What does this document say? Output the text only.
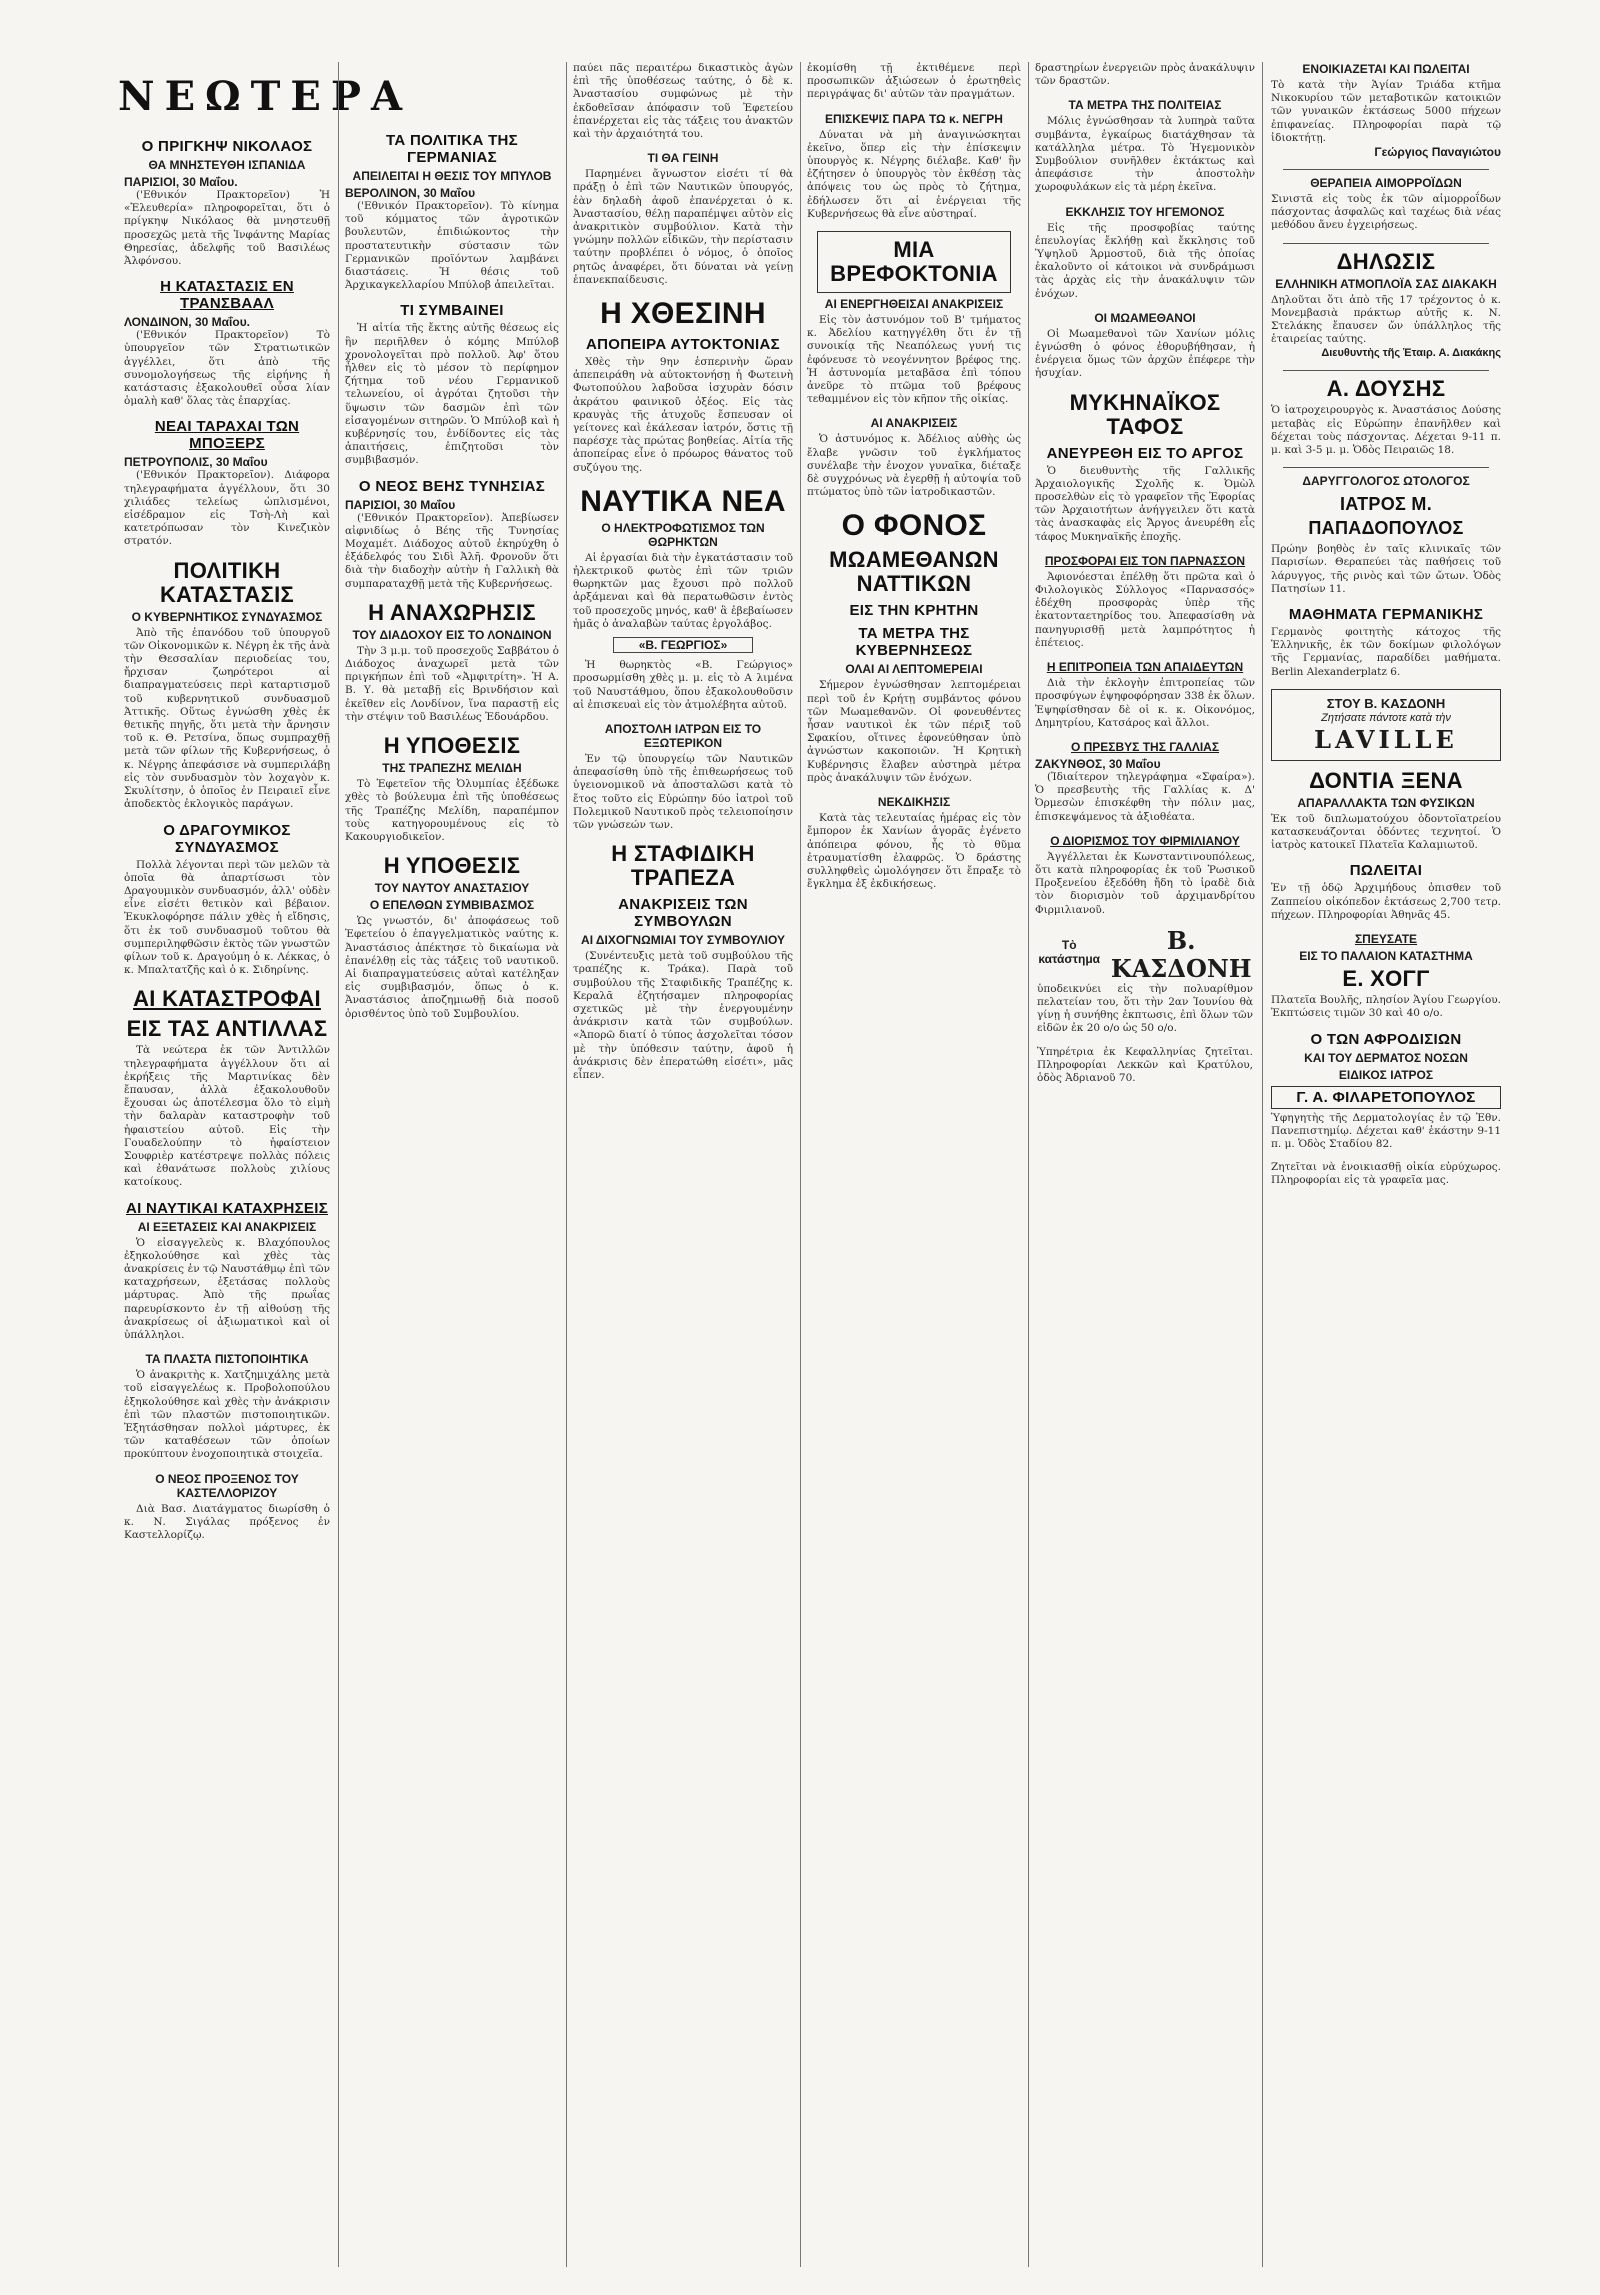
ΝΕΩΤΕΡΑ
Ο ΠΡΙΓΚΗΨ ΝΙΚΟΛΑΟΣ
ΘΑ ΜΝΗΣΤΕΥΘΗ ΙΣΠΑΝΙΔΑ
ΠΑΡΙΣΙΟΙ, 30 Μαΐου.

('Εθνικόν Πρακτορεῖον) Ἡ «Ἐλευθερία» πληροφορεῖται, ὅτι ὁ πρίγκηψ Νικόλαος θὰ μνηστευθῇ προσεχῶς μετὰ τῆς Ἰνφάντης Μαρίας Θηρεσίας, ἀδελφῆς τοῦ Βασιλέως Ἀλφόνσου.

Η ΚΑΤΑΣΤΑΣΙΣ ΕΝ ΤΡΑΝΣΒΑΑΛ
ΛΟΝΔΙΝΟΝ, 30 Μαΐου.

('Εθνικόν Πρακτορεῖον) Τὸ ὑπουργεῖον τῶν Στρατιωτικῶν ἀγγέλλει, ὅτι ἀπὸ τῆς συνομολογήσεως τῆς εἰρήνης ἡ κατάστασις ἐξακολουθεῖ οὖσα λίαν ὁμαλὴ καθ' ὅλας τὰς ἐπαρχίας.

ΝΕΑΙ ΤΑΡΑΧΑΙ ΤΩΝ ΜΠΟΞΕΡΣ
ΠΕΤΡΟΥΠΟΛΙΣ, 30 Μαΐου

('Εθνικόν Πρακτορεῖον). Διάφορα τηλεγραφήματα ἀγγέλλουν, ὅτι 30 χιλιάδες τελείως ὡπλισμένοι, εἰσέδραμον εἰς Τσὴ-Λὴ καὶ κατετρόπωσαν τὸν Κινεζικὸν στρατόν.

ΠΟΛΙΤΙΚΗ ΚΑΤΑΣΤΑΣΙΣ
Ο ΚΥΒΕΡΝΗΤΙΚΟΣ ΣΥΝΔΥΑΣΜΟΣ

Ἀπὸ τῆς ἐπανόδου τοῦ ὑπουργοῦ τῶν Οἰκονομικῶν κ. Νέγρη ἐκ τῆς ἀνὰ τὴν Θεσσαλίαν περιοδείας του, ἤρχισαν ζωηρότεροι αἱ διαπραγματεύσεις περὶ καταρτισμοῦ τοῦ κυβερνητικοῦ συνδυασμοῦ Ἀττικῆς. Οὕτως ἐγνώσθη χθὲς ἐκ θετικῆς πηγῆς, ὅτι μετὰ τὴν ἄρνησιν τοῦ κ. Θ. Ρετσίνα, ὅπως συμπραχθῇ μετὰ τῶν φίλων τῆς Κυβερνήσεως, ὁ κ. Νέγρης ἀπεφάσισε νὰ συμπεριλάβῃ εἰς τὸν συνδυασμὸν τὸν λοχαγὸν κ. Σκυλίτσην, ὁ ὁποῖος ἐν Πειραιεῖ εἶνε ἀποδεκτὸς ἐκλογικὸς παράγων.

Ο ΔΡΑΓΟΥΜΙΚΟΣ ΣΥΝΔΥΑΣΜΟΣ

Πολλὰ λέγονται περὶ τῶν μελῶν τὰ ὁποῖα θὰ ἀπαρτίσωσι τὸν Δραγουμικὸν συνδυασμόν, ἀλλ' οὐδὲν εἶνε εἰσέτι θετικὸν καὶ βέβαιον. Ἐκυκλοφόρησε πάλιν χθὲς ἡ εἴδησις, ὅτι ἐκ τοῦ συνδυασμοῦ τοῦτου θὰ συμπεριληφθῶσιν ἐκτὸς τῶν γνωστῶν φίλων τοῦ κ. Δραγούμη ὁ κ. Λέκκας, ὁ κ. Μπαλτατζῆς καὶ ὁ κ. Σιδηρίνης.

ΑΙ ΚΑΤΑΣΤΡΟΦΑΙ
ΕΙΣ ΤΑΣ ΑΝΤΙΛΛΑΣ

Τὰ νεώτερα ἐκ τῶν Ἀντιλλῶν τηλεγραφήματα ἀγγέλλουν ὅτι αἱ ἐκρήξεις τῆς Μαρτινίκας δὲν ἔπαυσαν, ἀλλὰ ἐξακολουθοῦν ἔχουσαι ὡς ἀποτέλεσμα ὅλο τὸ εἰμὴ τὴν δαλαρὰν καταστροφὴν τοῦ ἡφαιστείου αὐτοῦ. Εἰς τὴν Γουαδελούπην τὸ ἡφαίστειον Σουφριὲρ κατέστρεψε πολλὰς πόλεις καὶ ἐθανάτωσε πολλοὺς χιλίους κατοίκους.

ΑΙ ΝΑΥΤΙΚΑΙ ΚΑΤΑΧΡΗΣΕΙΣ
ΑΙ ΕΞΕΤΑΣΕΙΣ ΚΑΙ ΑΝΑΚΡΙΣΕΙΣ

Ὁ εἰσαγγελεὺς κ. Βλαχόπουλος ἐξηκολούθησε καὶ χθὲς τὰς ἀνακρίσεις ἐν τῷ Ναυστάθμῳ ἐπὶ τῶν καταχρήσεων, ἐξετάσας πολλοὺς μάρτυρας. Ἀπὸ τῆς πρωΐας παρευρίσκοντο ἐν τῇ αἰθούσῃ τῆς ἀνακρίσεως οἱ ἀξιωματικοὶ καὶ οἱ ὑπάλληλοι.

ΤΑ ΠΛΑΣΤΑ ΠΙΣΤΟΠΟΙΗΤΙΚΑ

Ὁ ἀνακριτὴς κ. Χατζημιχάλης μετὰ τοῦ εἰσαγγελέως κ. Προβολοπούλου ἐξηκολούθησε καὶ χθὲς τὴν ἀνάκρισιν ἐπὶ τῶν πλαστῶν πιστοποιητικῶν. Ἐξητάσθησαν πολλοὶ μάρτυρες, ἐκ τῶν καταθέσεων τῶν ὁποίων προκύπτουν ἐνοχοποιητικὰ στοιχεῖα.

Ο ΝΕΟΣ ΠΡΟΞΕΝΟΣ ΤΟΥ ΚΑΣΤΕΛΛΟΡΙΖΟΥ

Διὰ Βασ. Διατάγματος διωρίσθη ὁ κ. Ν. Σιγάλας πρόξενος ἐν Καστελλορίζῳ.

ΤΑ ΠΟΛΙΤΙΚΑ ΤΗΣ ΓΕΡΜΑΝΙΑΣ
ΑΠΕΙΛΕΙΤΑΙ Η ΘΕΣΙΣ ΤΟΥ ΜΠΥΛΟΒ
ΒΕΡΟΛΙΝΟΝ, 30 Μαΐου

('Εθνικόν Πρακτορεῖον). Τὸ κίνημα τοῦ κόμματος τῶν ἀγροτικῶν βουλευτῶν, ἐπιδιώκοντος τὴν προστατευτικὴν σύστασιν τῶν Γερμανικῶν προϊόντων λαμβάνει διαστάσεις. Ἡ θέσις τοῦ Ἀρχικαγκελλαρίου Μπύλοβ ἀπειλεῖται.

ΤΙ ΣΥΜΒΑΙΝΕΙ

Ἡ αἰτία τῆς ἔκτης αὐτῆς θέσεως εἰς ἣν περιῆλθεν ὁ κόμης Μπύλοβ χρονολογεῖται πρὸ πολλοῦ. Ἀφ' ὅτου ἦλθεν εἰς τὸ μέσον τὸ περίφημον ζήτημα τοῦ νέου Γερμανικοῦ τελωνείου, οἱ ἀγρόται ζητοῦσι τὴν ὕψωσιν τῶν δασμῶν ἐπὶ τῶν εἰσαγομένων σιτηρῶν. Ὁ Μπύλοβ καὶ ἡ κυβέρνησίς του, ἐνδίδοντες εἰς τὰς ἀπαιτήσεις, ἐπιζητοῦσι τὸν συμβιβασμόν.

Ο ΝΕΟΣ ΒΕΗΣ ΤΥΝΗΣΙΑΣ
ΠΑΡΙΣΙΟΙ, 30 Μαΐου

('Εθνικόν Πρακτορεῖον). Ἀπεβίωσεν αἰφνιδίως ὁ Βέης τῆς Τυνησίας Μοχαμέτ. Διάδοχος αὐτοῦ ἐκηρύχθη ὁ ἐξάδελφός του Σιδὶ Ἀλῆ. Φρονοῦν ὅτι διὰ τὴν διαδοχὴν αὐτὴν ἡ Γαλλικὴ θὰ συμπαραταχθῇ μετὰ τῆς Κυβερνήσεως.

Η ΑΝΑΧΩΡΗΣΙΣ
ΤΟΥ ΔΙΑΔΟΧΟΥ ΕΙΣ ΤΟ ΛΟΝΔΙΝΟΝ

Τὴν 3 μ.μ. τοῦ προσεχοῦς Σαββάτου ὁ Διάδοχος ἀναχωρεῖ μετὰ τῶν πριγκήπων ἐπὶ τοῦ «Ἀμφιτρίτη». Ἡ Α. Β. Υ. θὰ μεταβῇ εἰς Βρινδήσιον καὶ ἐκεῖθεν εἰς Λονδίνον, ἵνα παραστῇ εἰς τὴν στέψιν τοῦ Βασιλέως Ἐδουάρδου.

Η ΥΠΟΘΕΣΙΣ
ΤΗΣ ΤΡΑΠΕΖΗΣ ΜΕΛΙΔΗ

Τὸ Ἐφετεῖον τῆς Ὀλυμπίας ἐξέδωκε χθὲς τὸ βούλευμα ἐπὶ τῆς ὑποθέσεως τῆς Τραπέζης Μελίδη, παραπέμπον τοὺς κατηγορουμένους εἰς τὸ Κακουργιοδικεῖον.

Η ΥΠΟΘΕΣΙΣ
ΤΟΥ ΝΑΥΤΟΥ ΑΝΑΣΤΑΣΙΟΥ
Ο ΕΠΕΛΘΩΝ ΣΥΜΒΙΒΑΣΜΟΣ

Ὡς γνωστόν, δι' ἀποφάσεως τοῦ Ἐφετείου ὁ ἐπαγγελματικὸς ναύτης κ. Ἀναστάσιος ἀπέκτησε τὸ δικαίωμα νὰ ἐπανέλθῃ εἰς τὰς τάξεις τοῦ ναυτικοῦ. Αἱ διαπραγματεύσεις αὐταὶ κατέληξαν εἰς συμβιβασμόν, ὅπως ὁ κ. Ἀναστάσιος ἀποζημιωθῇ διὰ ποσοῦ ὁρισθέντος ὑπὸ τοῦ Συμβουλίου.

παύει πᾶς περαιτέρω δικαστικὸς ἀγὼν ἐπὶ τῆς ὑποθέσεως ταύτης, ὁ δὲ κ. Ἀναστασίου συμφώνως μὲ τὴν ἐκδοθεῖσαν ἀπόφασιν τοῦ Ἐφετείου ἐπανέρχεται εἰς τὰς τάξεις του ἀνακτῶν καὶ τὴν ἀρχαιότητά του.

ΤΙ ΘΑ ΓΕΙΝΗ

Παρημένει ἄγνωστον εἰσέτι τί θὰ πράξῃ ὁ ἐπὶ τῶν Ναυτικῶν ὑπουργός, ἐὰν δηλαδὴ ἀφοῦ ἐπανέρχεται ὁ κ. Ἀναστασίου, θέλῃ παραπέμψει αὐτὸν εἰς ἀνακριτικὸν συμβούλιον. Κατὰ τὴν γνώμην πολλῶν εἶδικῶν, τὴν περίστασιν ταύτην προβλέπει ὁ νόμος, ὁ ὁποῖος ρητῶς ἀναφέρει, ὅτι δύναται νὰ γείνῃ ἐπανεκπαίδευσις.

Η ΧΘΕΣΙΝΗ
ΑΠΟΠΕΙΡΑ ΑΥΤΟΚΤΟΝΙΑΣ

Χθὲς τὴν 9ην ἑσπερινὴν ὥραν ἀπεπειράθη νὰ αὐτοκτονήσῃ ἡ Φωτεινὴ Φωτοπούλου λαβοῦσα ἰσχυρὰν δόσιν ἀκράτου φαινικοῦ ὀξέος. Εἰς τὰς κραυγὰς τῆς ἀτυχοῦς ἔσπευσαν οἱ γείτονες καὶ ἐκάλεσαν ἰατρόν, ὅστις τῇ παρέσχε τὰς πρώτας βοηθείας. Αἰτία τῆς ἀποπείρας εἶνε ὁ πρόωρος θάνατος τοῦ συζύγου της.

ΝΑΥΤΙΚΑ ΝΕΑ
Ο ΗΛΕΚΤΡΟΦΩΤΙΣΜΟΣ ΤΩΝ ΘΩΡΗΚΤΩΝ

Αἱ ἐργασίαι διὰ τὴν ἐγκατάστασιν τοῦ ἠλεκτρικοῦ φωτὸς ἐπὶ τῶν τριῶν θωρηκτῶν μας ἔχουσι πρὸ πολλοῦ ἀρξάμεναι καὶ θὰ περατωθῶσιν ἐντὸς τοῦ προσεχοῦς μηνός, καθ' ἃ ἐβεβαίωσεν ἡμᾶς ὁ ἀναλαβὼν ταύτας ἐργολάβος.

«Β. ΓΕΩΡΓΙΟΣ»

Ἡ θωρηκτὸς «Β. Γεώργιος» προσωρμίσθη χθὲς μ. μ. εἰς τὸ Α λιμένα τοῦ Ναυστάθμου, ὅπου ἐξακολουθοῦσιν αἱ ἐπισκευαὶ εἰς τὸν ἀτμολέβητα αὐτοῦ.

ΑΠΟΣΤΟΛΗ ΙΑΤΡΩΝ ΕΙΣ ΤΟ ΕΞΩΤΕΡΙΚΟΝ

Ἐν τῷ ὑπουργείῳ τῶν Ναυτικῶν ἀπεφασίσθη ὑπὸ τῆς ἐπιθεωρήσεως τοῦ ὑγειονομικοῦ νὰ ἀποσταλῶσι κατὰ τὸ ἔτος τοῦτο εἰς Εὐρώπην δύο ἰατροὶ τοῦ Πολεμικοῦ Ναυτικοῦ πρὸς τελειοποίησιν τῶν γνώσεών των.

Η ΣΤΑΦΙΔΙΚΗ ΤΡΑΠΕΖΑ
ΑΝΑΚΡΙΣΕΙΣ ΤΩΝ ΣΥΜΒΟΥΛΩΝ
ΑΙ ΔΙΧΟΓΝΩΜΙΑΙ ΤΟΥ ΣΥΜΒΟΥΛΙΟΥ

(Συνέντευξις μετὰ τοῦ συμβούλου τῆς τραπέζης κ. Τράκα). Παρὰ τοῦ συμβούλου τῆς Σταφιδικῆς Τραπέζης κ. Κεραλᾶ ἐζητήσαμεν πληροφορίας σχετικῶς μὲ τὴν ἐνεργουμένην ἀνάκρισιν κατὰ τῶν συμβούλων. «Ἀπορῶ διατί ὁ τύπος ἀσχολεῖται τόσον μὲ τὴν ὑπόθεσιν ταύτην, ἀφοῦ ἡ ἀνάκρισις δὲν ἐπερατώθη εἰσέτι», μᾶς εἶπεν.

ἐκομίσθη τῇ ἐκτιθέμενε περὶ προσωπικῶν ἀξιώσεων ὁ ἐρωτηθεὶς περιγράψας δι' αὐτῶν τὰν πραγμάτων.

ΕΠΙΣΚΕΨΙΣ ΠΑΡΑ ΤΩ κ. ΝΕΓΡΗ

Δύναται νὰ μὴ ἀναγινώσκηται ἐκεῖνο, ὅπερ εἰς τὴν ἐπίσκεψιν ὑπουργὸς κ. Νέγρης διέλαβε. Καθ' ἣν ἐζήτησεν ὁ ὑπουργὸς τὸν ἐκθέσῃ τὰς ἀπόψεις του ὡς πρὸς τὸ ζήτημα, ἐδήλωσεν ὅτι αἱ ἐνέργειαι τῆς Κυβερνήσεως θὰ εἶνε αὐστηραί.

ΜΙΑ ΒΡΕΦΟΚΤΟΝΙΑ
ΑΙ ΕΝΕΡΓΗΘΕΙΣΑΙ ΑΝΑΚΡΙΣΕΙΣ

Εἰς τὸν ἀστυνόμον τοῦ Β' τμήματος κ. Ἀδελίου κατηγγέλθη ὅτι ἐν τῇ συνοικίᾳ τῆς Νεαπόλεως γυνή τις ἐφόνευσε τὸ νεογέννητον βρέφος της. Ἡ ἀστυνομία μεταβᾶσα ἐπὶ τόπου ἀνεῦρε τὸ πτῶμα τοῦ βρέφους τεθαμμένον εἰς τὸν κῆπον τῆς οἰκίας.

ΑΙ ΑΝΑΚΡΙΣΕΙΣ

Ὁ ἀστυνόμος κ. Ἀδέλιος αὐθὴς ὡς ἔλαβε γνῶσιν τοῦ ἐγκλήματος συνέλαβε τὴν ἐνοχον γυναῖκα, διέταξε δὲ συγχρόνως νὰ ἐγερθῇ ἡ αὐτοψία τοῦ πτώματος ὑπὸ τῶν ἰατροδικαστῶν.

Ο ΦΟΝΟΣ
ΜΩΑΜΕΘΑΝΩΝ ΝΑΤΤΙΚΩΝ
ΕΙΣ ΤΗΝ ΚΡΗΤΗΝ
ΤΑ ΜΕΤΡΑ ΤΗΣ ΚΥΒΕΡΝΗΣΕΩΣ
ΟΛΑΙ ΑΙ ΛΕΠΤΟΜΕΡΕΙΑΙ

Σήμερον ἐγνώσθησαν λεπτομέρειαι περὶ τοῦ ἐν Κρήτῃ συμβάντος φόνου τῶν Μωαμεθανῶν. Οἱ φονευθέντες ἦσαν ναυτικοὶ ἐκ τῶν πέριξ τοῦ Σφακίου, οἵτινες ἐφονεύθησαν ὑπὸ ἀγνώστων κακοποιῶν. Ἡ Κρητικὴ Κυβέρνησις ἔλαβεν αὐστηρὰ μέτρα πρὸς ἀνακάλυψιν τῶν ἐνόχων.

ΝΕΚΔΙΚΗΣΙΣ

Κατὰ τὰς τελευταίας ἡμέρας εἰς τὸν ἔμπορον ἐκ Χανίων ἀγορᾶς ἐγένετο ἀπόπειρα φόνου, ἧς τὸ θῦμα ἐτραυματίσθη ἐλαφρῶς. Ὁ δράστης συλληφθεὶς ὡμολόγησεν ὅτι ἔπραξε τὸ ἔγκλημα ἐξ ἐκδικήσεως.

δραστηρίων ἐνεργειῶν πρὸς ἀνακάλυψιν τῶν δραστῶν.

ΤΑ ΜΕΤΡΑ ΤΗΣ ΠΟΛΙΤΕΙΑΣ

Μόλις ἐγνώσθησαν τὰ λυπηρὰ ταῦτα συμβάντα, ἐγκαίρως διατάχθησαν τὰ κατάλληλα μέτρα. Τὸ Ἠγεμονικὸν Συμβούλιον συνῆλθεν ἐκτάκτως καὶ ἀπεφάσισε τὴν ἀποστολὴν χωροφυλάκων εἰς τὰ μέρη ἐκεῖνα.

ΕΚΚΛΗΣΙΣ ΤΟΥ ΗΓΕΜΟΝΟΣ

Εἰς τῆς προσφοβίας ταύτης ἐπευλογίας ἔκλήθῃ καὶ ἔκκλησις τοῦ Ὑψηλοῦ Ἁρμοστοῦ, διὰ τῆς ὁποίας ἐκαλοῦντο οἱ κάτοικοι νὰ συνδράμωσι τὰς ἀρχὰς εἰς τὴν ἀνακάλυψιν τῶν ἐνόχων.

ΟΙ ΜΩΑΜΕΘΑΝΟΙ

Οἱ Μωαμεθανοὶ τῶν Χανίων μόλις ἐγνώσθη ὁ φόνος ἐθορυβήθησαν, ἡ ἐνέργεια ὅμως τῶν ἀρχῶν ἐπέφερε τὴν ἡσυχίαν.

ΜΥΚΗΝΑΪΚΟΣ ΤΑΦΟΣ
ΑΝΕΥΡΕΘΗ ΕΙΣ ΤΟ ΑΡΓΟΣ

Ὁ διευθυντὴς τῆς Γαλλικῆς Ἀρχαιολογικῆς Σχολῆς κ. Ὀμὼλ προσελθὼν εἰς τὸ γραφεῖον τῆς Ἐφορίας τῶν Ἀρχαιοτήτων ἀνήγγειλεν ὅτι κατὰ τὰς ἀνασκαφὰς εἰς Ἄργος ἀνευρέθη εἷς τάφος Μυκηναϊκῆς ἐποχῆς.

ΠΡΟΣΦΟΡΑΙ ΕΙΣ ΤΟΝ ΠΑΡΝΑΣΣΟΝ

Ἀφιονόεσται ἐπέλθῃ ὅτι πρῶτα καὶ ὁ Φιλολογικὸς Σύλλογος «Παρνασσός» ἐδέχθη προσφορὰς ὑπὲρ τῆς ἑκατονταετηρίδος του. Ἀπεφασίσθη νὰ πανηγυρισθῇ μετὰ λαμπρότητος ἡ ἐπέτειος.

Η ΕΠΙΤΡΟΠΕΙΑ ΤΩΝ ΑΠΑΙΔΕΥΤΩΝ

Διὰ τὴν ἐκλογὴν ἐπιτροπείας τῶν προσφύγων ἐψηφοφόρησαν 338 ἐκ ὅλων. Ἐψηφίσθησαν δὲ οἱ κ. κ. Οἰκονόμος, Δημητρίου, Κατσάρος καὶ ἄλλοι.

Ο ΠΡΕΣΒΥΣ ΤΗΣ ΓΑΛΛΙΑΣ
ΖΑΚΥΝΘΟΣ, 30 Μαΐου

(Ἰδιαίτερον τηλεγράφημα «Σφαίρα»). Ὁ πρεσβευτὴς τῆς Γαλλίας κ. Δ' Ὀρμεσὼν ἐπισκέφθη τὴν πόλιν μας, ἐπισκεψάμενος τὰ ἀξιοθέατα.

Ο ΔΙΟΡΙΣΜΟΣ ΤΟΥ ΦΙΡΜΙΛΙΑΝΟΥ

Ἀγγέλλεται ἐκ Κωνσταντινουπόλεως, ὅτι κατὰ πληροφορίας ἐκ τοῦ Ῥωσικοῦ Προξενείου ἐξεδόθη ἤδη τὸ ἰραδὲ διὰ τὸν διορισμὸν τοῦ ἀρχιμανδρίτου Φιρμιλιανοῦ.

Τὸ κατάστημα
Β. ΚΑΣΔΟΝΗ

ὑποδεικνύει εἰς τὴν πολυαρίθμον πελατείαν του, ὅτι τὴν 2αν Ἰουνίου θὰ γίνῃ ἡ συνήθης ἐκπτωσις, ἐπὶ ὅλων τῶν εἰδῶν ἐκ 20 ο/ο ὡς 50 ο/ο.

Ὑπηρέτρια ἐκ Κεφαλληνίας ζητεῖται. Πληροφορίαι Λεκκῶν καὶ Κρατύλου, ὁδὸς Ἀδριανοῦ 70.

ΕΝΟΙΚΙΑΖΕΤΑΙ ΚΑΙ ΠΩΛΕΙΤΑΙ

Τὸ κατὰ τὴν Ἁγίαν Τριάδα κτῆμα Νικοκυρίου τῶν μεταβοτικῶν κατοικιῶν τῶν γυναικῶν ἐκτάσεως 5000 πήχεων ἐπιφανείας. Πληροφορίαι παρὰ τῷ ἰδιοκτήτῃ.

Γεώργιος Παναγιώτου
ΘΕΡΑΠΕΙΑ ΑΙΜΟΡΡΟΪΔΩΝ

Σινιστᾶ εἰς τοὺς ἐκ τῶν αἱμορροΐδων πάσχοντας ἀσφαλῶς καὶ ταχέως διὰ νέας μεθόδου ἄνευ ἐγχειρήσεως.

ΔΗΛΩΣΙΣ
ΕΛΛΗΝΙΚΗ ΑΤΜΟΠΛΟΪΑ ΣΑΣ ΔΙΑΚΑΚΗ

Δηλοῦται ὅτι ἀπὸ τῆς 17 τρέχοντος ὁ κ. Μονεμβασιὰ πράκτωρ αὐτῆς κ. Ν. Στελάκης ἔπαυσεν ὤν ὑπάλληλος τῆς ἑταιρείας ταύτης.

Διευθυντὴς τῆς Ἑταιρ. Α. Διακάκης
Α. ΔΟΥΣΗΣ

Ὁ ἰατροχειρουργὸς κ. Ἀναστάσιος Δούσης μεταβὰς εἰς Εὐρώπην ἐπανῆλθεν καὶ δέχεται τοὺς πάσχοντας. Δέχεται 9-11 π. μ. καὶ 3-5 μ. μ. Ὁδὸς Πειραιῶς 18.

ΔΑΡΥΓΓΟΛΟΓΟΣ ΩΤΟΛΟΓΟΣ
ΙΑΤΡΟΣ Μ. ΠΑΠΑΔΟΠΟΥΛΟΣ

Πρώην βοηθὸς ἐν ταῖς κλινικαῖς τῶν Παρισίων. Θεραπεύει τὰς παθήσεις τοῦ λάρυγγος, τῆς ρινὸς καὶ τῶν ὤτων. Ὁδὸς Πατησίων 11.

ΜΑΘΗΜΑΤΑ ΓΕΡΜΑΝΙΚΗΣ

Γερμανὸς φοιτητὴς κάτοχος τῆς Ἑλληνικῆς, ἐκ τῶν δοκίμων φιλολόγων τῆς Γερμανίας, παραδίδει μαθήματα. Berlin Alexanderplatz 6.

ΣΤΟΥ Β. ΚΑΣΔΟΝΗ
Ζητήσατε πάντοτε κατὰ τὴν
LAVILLE
ΔΟΝΤΙΑ ΞΕΝΑ
ΑΠΑΡΑΛΛΑΚΤΑ ΤΩΝ ΦΥΣΙΚΩΝ

Ἐκ τοῦ διπλωματούχου ὁδοντοϊατρείου κατασκευάζονται ὀδόντες τεχνητοί. Ὁ ἰατρὸς κατοικεῖ Πλατεῖα Καλαμιωτοῦ.

ΠΩΛΕΙΤΑΙ

Ἐν τῇ ὁδῷ Ἀρχιμήδους ὁπισθεν τοῦ Ζαππείου οἰκόπεδον ἐκτάσεως 2,700 τετρ. πήχεων. Πληροφορίαι Ἀθηνᾶς 45.

ΣΠΕΥΣΑΤΕ
ΕΙΣ ΤΟ ΠΑΛΑΙΟΝ ΚΑΤΑΣΤΗΜΑ
Ε. ΧΟΓΓ

Πλατεῖα Βουλῆς, πλησίον Ἁγίου Γεωργίου. Ἐκπτώσεις τιμῶν 30 καὶ 40 ο/ο.

Ο ΤΩΝ ΑΦΡΟΔΙΣΙΩΝ
ΚΑΙ ΤΟΥ ΔΕΡΜΑΤΟΣ ΝΟΣΩΝ
ΕΙΔΙΚΟΣ ΙΑΤΡΟΣ
Γ. Α. ΦΙΛΑΡΕΤΟΠΟΥΛΟΣ

Ὑφηγητὴς τῆς Δερματολογίας ἐν τῷ Ἐθν. Πανεπιστημίῳ. Δέχεται καθ' ἑκάστην 9-11 π. μ. Ὁδὸς Σταδίου 82.

Ζητεῖται νὰ ἐνοικιασθῇ οἰκία εὐρύχωρος. Πληροφορίαι εἰς τὰ γραφεῖα μας.
